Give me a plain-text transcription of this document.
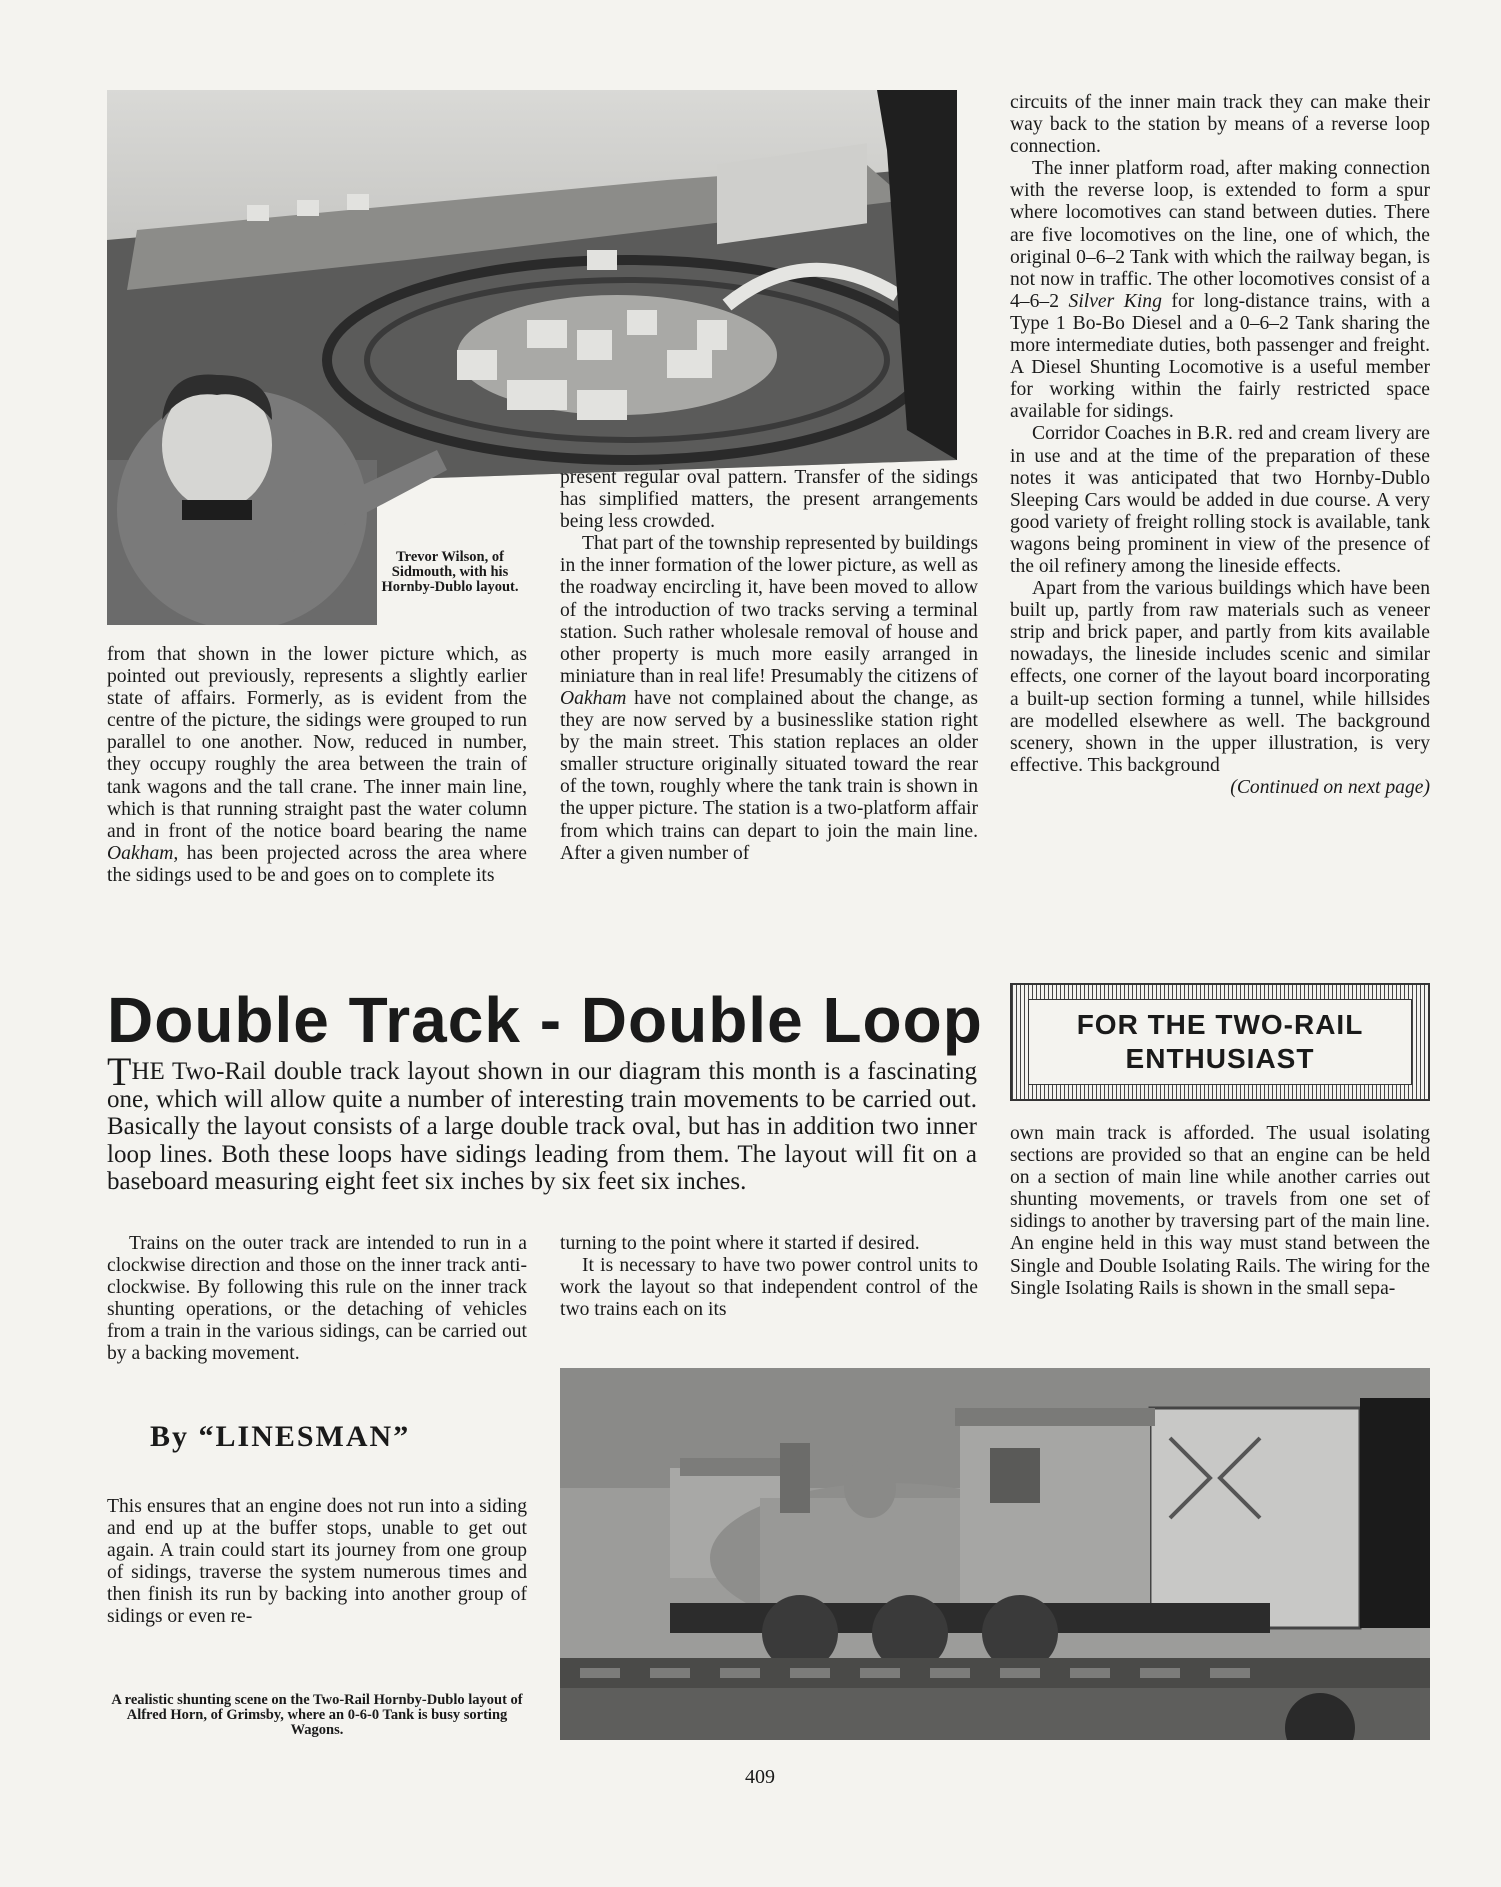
Trevor Wilson, of Sidmouth, with his Hornby-Dublo layout.

from that shown in the lower picture which, as pointed out previously, represents a slightly earlier state of affairs. Formerly, as is evident from the centre of the picture, the sidings were grouped to run parallel to one another. Now, reduced in number, they occupy roughly the area between the train of tank wagons and the tall crane. The inner main line, which is that running straight past the water column and in front of the notice board bearing the name Oakham, has been projected across the area where the sidings used to be and goes on to complete its

present regular oval pattern. Transfer of the sidings has simplified matters, the present arrangements being less crowded.

That part of the township represented by buildings in the inner formation of the lower picture, as well as the roadway encircling it, have been moved to allow of the introduction of two tracks serving a terminal station. Such rather wholesale removal of house and other property is much more easily arranged in miniature than in real life! Presumably the citizens of Oakham have not complained about the change, as they are now served by a businesslike station right by the main street. This station replaces an older smaller structure originally situated toward the rear of the town, roughly where the tank train is shown in the upper picture. The station is a two-platform affair from which trains can depart to join the main line. After a given number of

circuits of the inner main track they can make their way back to the station by means of a reverse loop connection.

The inner platform road, after making connection with the reverse loop, is extended to form a spur where locomotives can stand between duties. There are five locomotives on the line, one of which, the original 0–6–2 Tank with which the railway began, is not now in traffic. The other locomotives consist of a 4–6–2 Silver King for long-distance trains, with a Type 1 Bo-Bo Diesel and a 0–6–2 Tank sharing the more intermediate duties, both passenger and freight. A Diesel Shunting Locomotive is a useful member for working within the fairly restricted space available for sidings.

Corridor Coaches in B.R. red and cream livery are in use and at the time of the preparation of these notes it was anticipated that two Hornby-Dublo Sleeping Cars would be added in due course. A very good variety of freight rolling stock is available, tank wagons being prominent in view of the presence of the oil refinery among the lineside effects.

Apart from the various buildings which have been built up, partly from raw materials such as veneer strip and brick paper, and partly from kits available nowadays, the lineside includes scenic and similar effects, one corner of the layout board incorporating a built-up section forming a tunnel, while hillsides are modelled elsewhere as well. The background scenery, shown in the upper illustration, is very effective. This background

(Continued on next page)

Double Track - Double Loop	FOR THE TWO-RAIL ENTHUSIAST
THE Two-Rail double track layout shown in our diagram this month is a fascinating one, which will allow quite a number of interesting train movements to be carried out. Basically the layout consists of a large double track oval, but has in addition two inner loop lines. Both these loops have sidings leading from them. The layout will fit on a baseboard measuring eight feet six inches by six feet six inches.

Trains on the outer track are intended to run in a clockwise direction and those on the inner track anti-clockwise. By following this rule on the inner track shunting operations, or the detaching of vehicles from a train in the various sidings, can be carried out by a backing movement.

By “LINESMAN”

This ensures that an engine does not run into a siding and end up at the buffer stops, unable to get out again. A train could start its journey from one group of sidings, traverse the system numerous times and then finish its run by backing into another group of sidings or even re-

turning to the point where it started if desired.

It is necessary to have two power control units to work the layout so that independent control of the two trains each on its

own main track is afforded. The usual isolating sections are provided so that an engine can be held on a section of main line while another carries out shunting movements, or travels from one set of sidings to another by traversing part of the main line. An engine held in this way must stand between the Single and Double Isolating Rails. The wiring for the Single Isolating Rails is shown in the small sepa-

A realistic shunting scene on the Two-Rail Hornby-Dublo layout of Alfred Horn, of Grimsby, where an 0-6-0 Tank is busy sorting Wagons.
409
